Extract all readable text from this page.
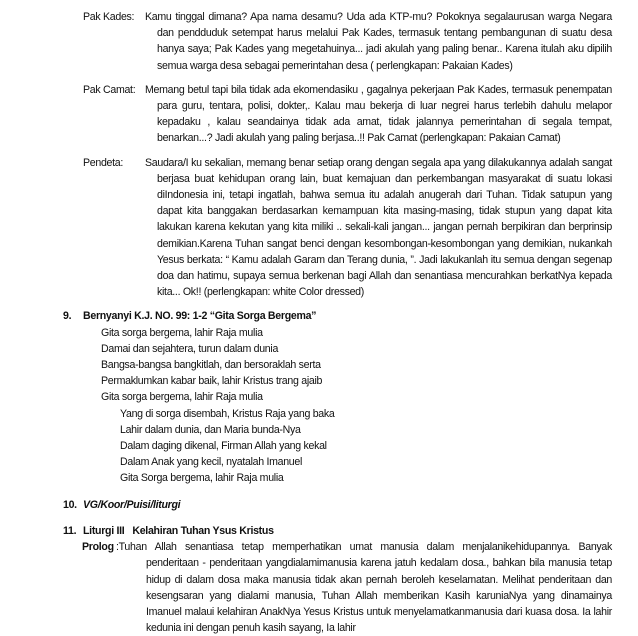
Pak Kades:	Kamu tinggal dimana? Apa nama desamu? Uda ada KTP-mu? Pokoknya segalaurusan warga Negara dan pendduduk setempat harus melalui Pak Kades, termasuk tentang pembangunan di suatu desa hanya saya; Pak Kades yang megetahuinya... jadi akulah yang paling benar.. Karena itulah aku dipilih semua warga desa sebagai pemerintahan desa ( perlengkapan: Pakaian Kades)

Pak Camat: Memang betul tapi bila tidak ada ekomendasiku , gagalnya pekerjaan Pak Kades, termasuk penempatan para guru, tentara, polisi, dokter,. Kalau mau bekerja di luar negrei harus terlebih dahulu melapor kepadaku , kalau seandainya tidak ada amat, tidak jalannya pemerintahan di segala tempat, benarkan...? Jadi akulah yang paling berjasa..!! Pak Camat (perlengkapan: Pakaian Camat)

Pendeta:	Saudara/I ku sekalian, memang benar setiap orang dengan segala apa yang dilakukannya adalah sangat berjasa buat kehidupan orang lain, buat kemajuan dan perkembangan masyarakat di suatu lokasi diIndonesia ini, tetapi ingatlah, bahwa semua itu adalah anugerah dari Tuhan. Tidak satupun yang dapat kita banggakan berdasarkan kemampuan kita masing-masing, tidak stupun yang dapat kita lakukan karena kekutan yang kita miliki .. sekali-kali jangan... jangan pernah berpikiran dan berprinsip demikian.Karena Tuhan sangat benci dengan kesombongan-kesombongan yang demikian, nukankah Yesus berkata: “ Kamu adalah Garam dan Terang dunia, ”. Jadi lakukanlah itu semua dengan segenap doa dan hatimu, supaya semua berkenan bagi Allah dan senantiasa mencurahkan berkatNya kepada kita... Ok!! (perlengkapan: white Color dressed)

9. Bernyanyi K.J. NO. 99: 1-2 “Gita Sorga Bergema”
Gita sorga bergema, lahir Raja mulia
Damai dan sejahtera, turun dalam dunia
Bangsa-bangsa bangkitlah, dan bersoraklah serta
Permaklumkan kabar baik, lahir Kristus trang ajaib
Gita sorga bergema, lahir Raja mulia
Yang di sorga disembah, Kristus Raja yang baka
Lahir dalam dunia, dan Maria bunda-Nya
Dalam daging dikenal, Firman Allah yang kekal
Dalam Anak yang kecil, nyatalah Imanuel
Gita Sorga bergema, lahir Raja mulia
10. VG/Koor/Puisi/liturgi
11. Liturgi III   Kelahiran Tuhan Ysus Kristus
Prolog :Tuhan Allah senantiasa tetap memperhatikan umat manusia dalam menjalanikehidupannya. Banyak penderitaan - penderitaan yangdialamimanusia karena jatuh kedalam dosa., bahkan bila manusia tetap hidup di dalam dosa maka manusia tidak akan pernah beroleh keselamatan. Melihat penderitaan dan kesengsaran yang dialami manusia, Tuhan Allah memberikan Kasih karuniaNya yang dinamainya Imanuel malaui kelahiran AnakNya Yesus Kristus untuk menyelamatkanmanusia dari kuasa dosa. Ia lahir kedunia ini dengan penuh kasih sayang, Ia lahir
